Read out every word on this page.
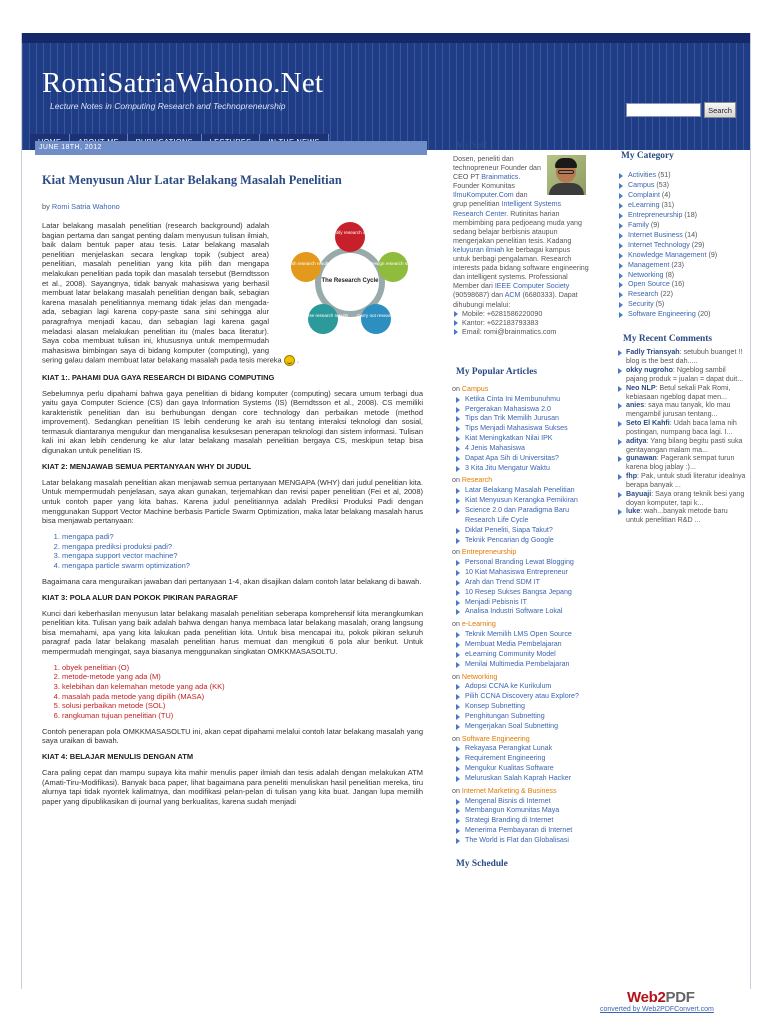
RomiSatriaWahono.Net
Lecture Notes in Computing Research and Technopreneurship	Search
JUNE 18TH, 2012
Kiat Menyusun Alur Latar Belakang Masalah Penelitian
by Romi Satria Wahono
Identify research area
Design research study
Carry out research
Analyse research results
Publish research results
The Research Cycle

Latar belakang masalah penelitian (research background) adalah bagian pertama dan sangat penting dalam menyusun tulisan ilmiah, baik dalam bentuk paper atau tesis. Latar belakang masalah penelitian menjelaskan secara lengkap topik (subject area) penelitian, masalah penelitian yang kita pilih dan mengapa melakukan penelitian pada topik dan masalah tersebut (Berndtsson et al., 2008). Sayangnya, tidak banyak mahasiswa yang berhasil membuat latar belakang masalah penelitian dengan baik, sebagian karena masalah penelitiannya memang tidak jelas dan mengada-ada, sebagian lagi karena copy-paste sana sini sehingga alur paragrafnya menjadi kacau, dan sebagian lagi karena gagal meladasi alasan melakukan penelitian itu (males baca literatur). Saya coba membuat tulisan ini, khususnya untuk mempermudah mahasiswa bimbingan saya di bidang komputer (computing), yang sering galau dalam membuat latar belakang masalah pada tesis mereka  .

KIAT 1:. PAHAMI DUA GAYA RESEARCH DI BIDANG COMPUTING

Sebelumnya perlu dipahami bahwa gaya penelitian di bidang komputer (computing) secara umum terbagi dua yaitu gaya Computer Science (CS) dan gaya Information Systems (IS) (Berndtsson et al., 2008). CS memiliki karakteristik penelitian dan isu berhubungan dengan core technology dan perbaikan metode (method improvement). Sedangkan penelitian IS lebih cenderung ke arah isu tentang interaksi teknologi dan sosial, termasuk diantaranya mengukur dan menganalisa kesuksesan penerapan teknologi dan sistem informasi. Tulisan kali ini akan lebih cenderung ke alur latar belakang masalah penelitian bergaya CS, meskipun tetap bisa digunakan untuk penelitian IS.

KIAT 2: MENJAWAB SEMUA PERTANYAAN WHY DI JUDUL

Latar belakang masalah penelitian akan menjawab semua pertanyaan MENGAPA (WHY) dari judul penelitian kita. Untuk mempermudah penjelasan, saya akan gunakan, terjemahkan dan revisi paper penelitian (Fei et al, 2008) untuk contoh paper yang kita bahas. Karena judul penelitiannya adalah Prediksi Produksi Padi dengan menggunakan Support Vector Machine berbasis Particle Swarm Optimization, maka latar belakang masalah harus bisa menjawab pertanyaan:

1. mengapa padi?
2. mengapa prediksi produksi padi?
3. mengapa support vector machine?
4. mengapa particle swarm optimization?

Bagaimana cara menguraikan jawaban dari pertanyaan 1-4, akan disajikan dalam contoh latar belakang di bawah.

KIAT 3: POLA ALUR DAN POKOK PIKIRAN PARAGRAF

Kunci dari keberhasilan menyusun latar belakang masalah penelitian seberapa komprehensif kita merangkumkan penelitian kita. Tulisan yang baik adalah bahwa dengan hanya membaca latar belakang masalah, orang langsung bisa memahami, apa yang kita lakukan pada penelitian kita. Untuk bisa mencapai itu, pokok pikiran seluruh paragraf pada latar belakang masalah penelitian harus memuat dan mengikuti 6 pola alur berikut. Untuk mempermudah mengingat, saya biasanya menggunakan singkatan OMKKMASASOLTU.

1. obyek penelitian (O)
2. metode-metode yang ada (M)
3. kelebihan dan kelemahan metode yang ada (KK)
4. masalah pada metode yang dipilih (MASA)
5. solusi perbaikan metode (SOL)
6. rangkuman tujuan penelitian (TU)

Contoh penerapan pola OMKKMASASOLTU ini, akan cepat dipahami melalui contoh latar belakang masalah yang saya uraikan di bawah.

KIAT 4: BELAJAR MENULIS DENGAN ATM

Cara paling cepat dan mampu supaya kita mahir menulis paper ilmiah dan tesis adalah dengan melakukan ATM (Amati-Tiru-Modifikasi). Banyak baca paper, lihat bagaimana para peneliti menuliskan hasil penelitian mereka, tiru alurnya tapi tidak nyontek kalimatnya, dan modifikasi pelan-pelan di tulisan yang kita buat. Jangan lupa memilih paper yang dipublikasikan di journal yang berkualitas, karena sudah menjadi

My Self
Dosen, peneliti dan technopreneur Founder dan CEO PT Brainmatics. Founder Komunitas IlmuKomputer.Com dan grup penelitian Intelligent Systems Research Center. Rutinitas harian membimbing para pedjoeang muda yang sedang belajar berbisnis ataupun mengerjakan penelitian tesis. Kadang keluyuran ilmiah ke berbagai kampus untuk berbagi pengalaman. Research interests pada bidang software engineering dan intelligent systems. Professional Member dari IEEE Computer Society (90598687) dan ACM (6680333). Dapat dihubungi melalui:
Mobile: +6281586220090
Kantor: +622183793383
Email: romi@brainmatics.com
My Popular Articles
on Campus
Ketika Cinta Ini Membunuhmu
Pergerakan Mahasiswa 2.0
Tips dan Trik Memilih Jurusan
Tips Menjadi Mahasiswa Sukses
Kiat Meningkatkan Nilai IPK
4 Jenis Mahasiswa
Dapat Apa Sih di Universitas?
3 Kita Jitu Mengatur Waktu
on Research
Latar Belakang Masalah Penelitian
Kiat Menyusun Kerangka Pemikiran
Science 2.0 dan Paradigma Baru Research Life Cycle
Diklat Peneliti, Siapa Takut?
Teknik Pencarian dg Google
on Entrepreneurship
Personal Branding Lewat Blogging
10 Kiat Mahasiswa Entrepreneur
Arah dan Trend SDM IT
10 Resep Sukses Bangsa Jepang
Menjadi Pebisnis IT
Analisa Industri Software Lokal
on e-Learning
Teknik Memilih LMS Open Source
Membuat Media Pembelajaran
eLearning Community Model
Menilai Multimedia Pembelajaran
on Networking
Adopsi CCNA ke Kurikulum
Pilih CCNA Discovery atau Explore?
Konsep Subnetting
Penghitungan Subnetting
Mengerjakan Soal Subnetting
on Software Engineering
Rekayasa Perangkat Lunak
Requirement Engineering
Mengukur Kualitas Software
Meluruskan Salah Kaprah Hacker
on Internet Marketing & Business
Mengenal Bisnis di Internet
Membangun Komunitas Maya
Strategi Branding di Internet
Menerima Pembayaran di Internet
The World is Flat dan Globalisasi
My Schedule
My Category
Activities
(51)
Campus
(53)
Complaint
(4)
eLearning
(31)
Entrepreneurship
(18)
Family
(9)
Internet Business
(14)
Internet Technology
(29)
Knowledge Management
(9)
Management
(23)
Networking
(8)
Open Source
(16)
Research
(22)
Security
(5)
Software Engineering
(20)
My Recent Comments
Fadly Triansyah: setubuh buanget !! blog is the best dah.....
okky nugroho: Ngeblog sambil pajang produk = jualan = dapat duit...
Neo NLP: Betul sekali Pak Romi, kebiasaan ngeblog dapat men...
anies: saya mau tanyak, klo mau mengambil jurusan tentang...
Seto El Kahfi: Udah baca lama nih postingan, numpang baca lagi. I...
aditya: Yang bilang begitu pasti suka gentayangan malam ma...
gunawan: Pagerank sempat turun karena blog jablay :)...
fhp: Pak, untuk studi literatur idealnya berapa banyak ...
Bayuaji: Saya orang teknik besi yang doyan komputer, tapi k...
luke: wah...banyak metode baru untuk penelitian R&D ...
Web2PDF
converted by Web2PDFConvert.com
